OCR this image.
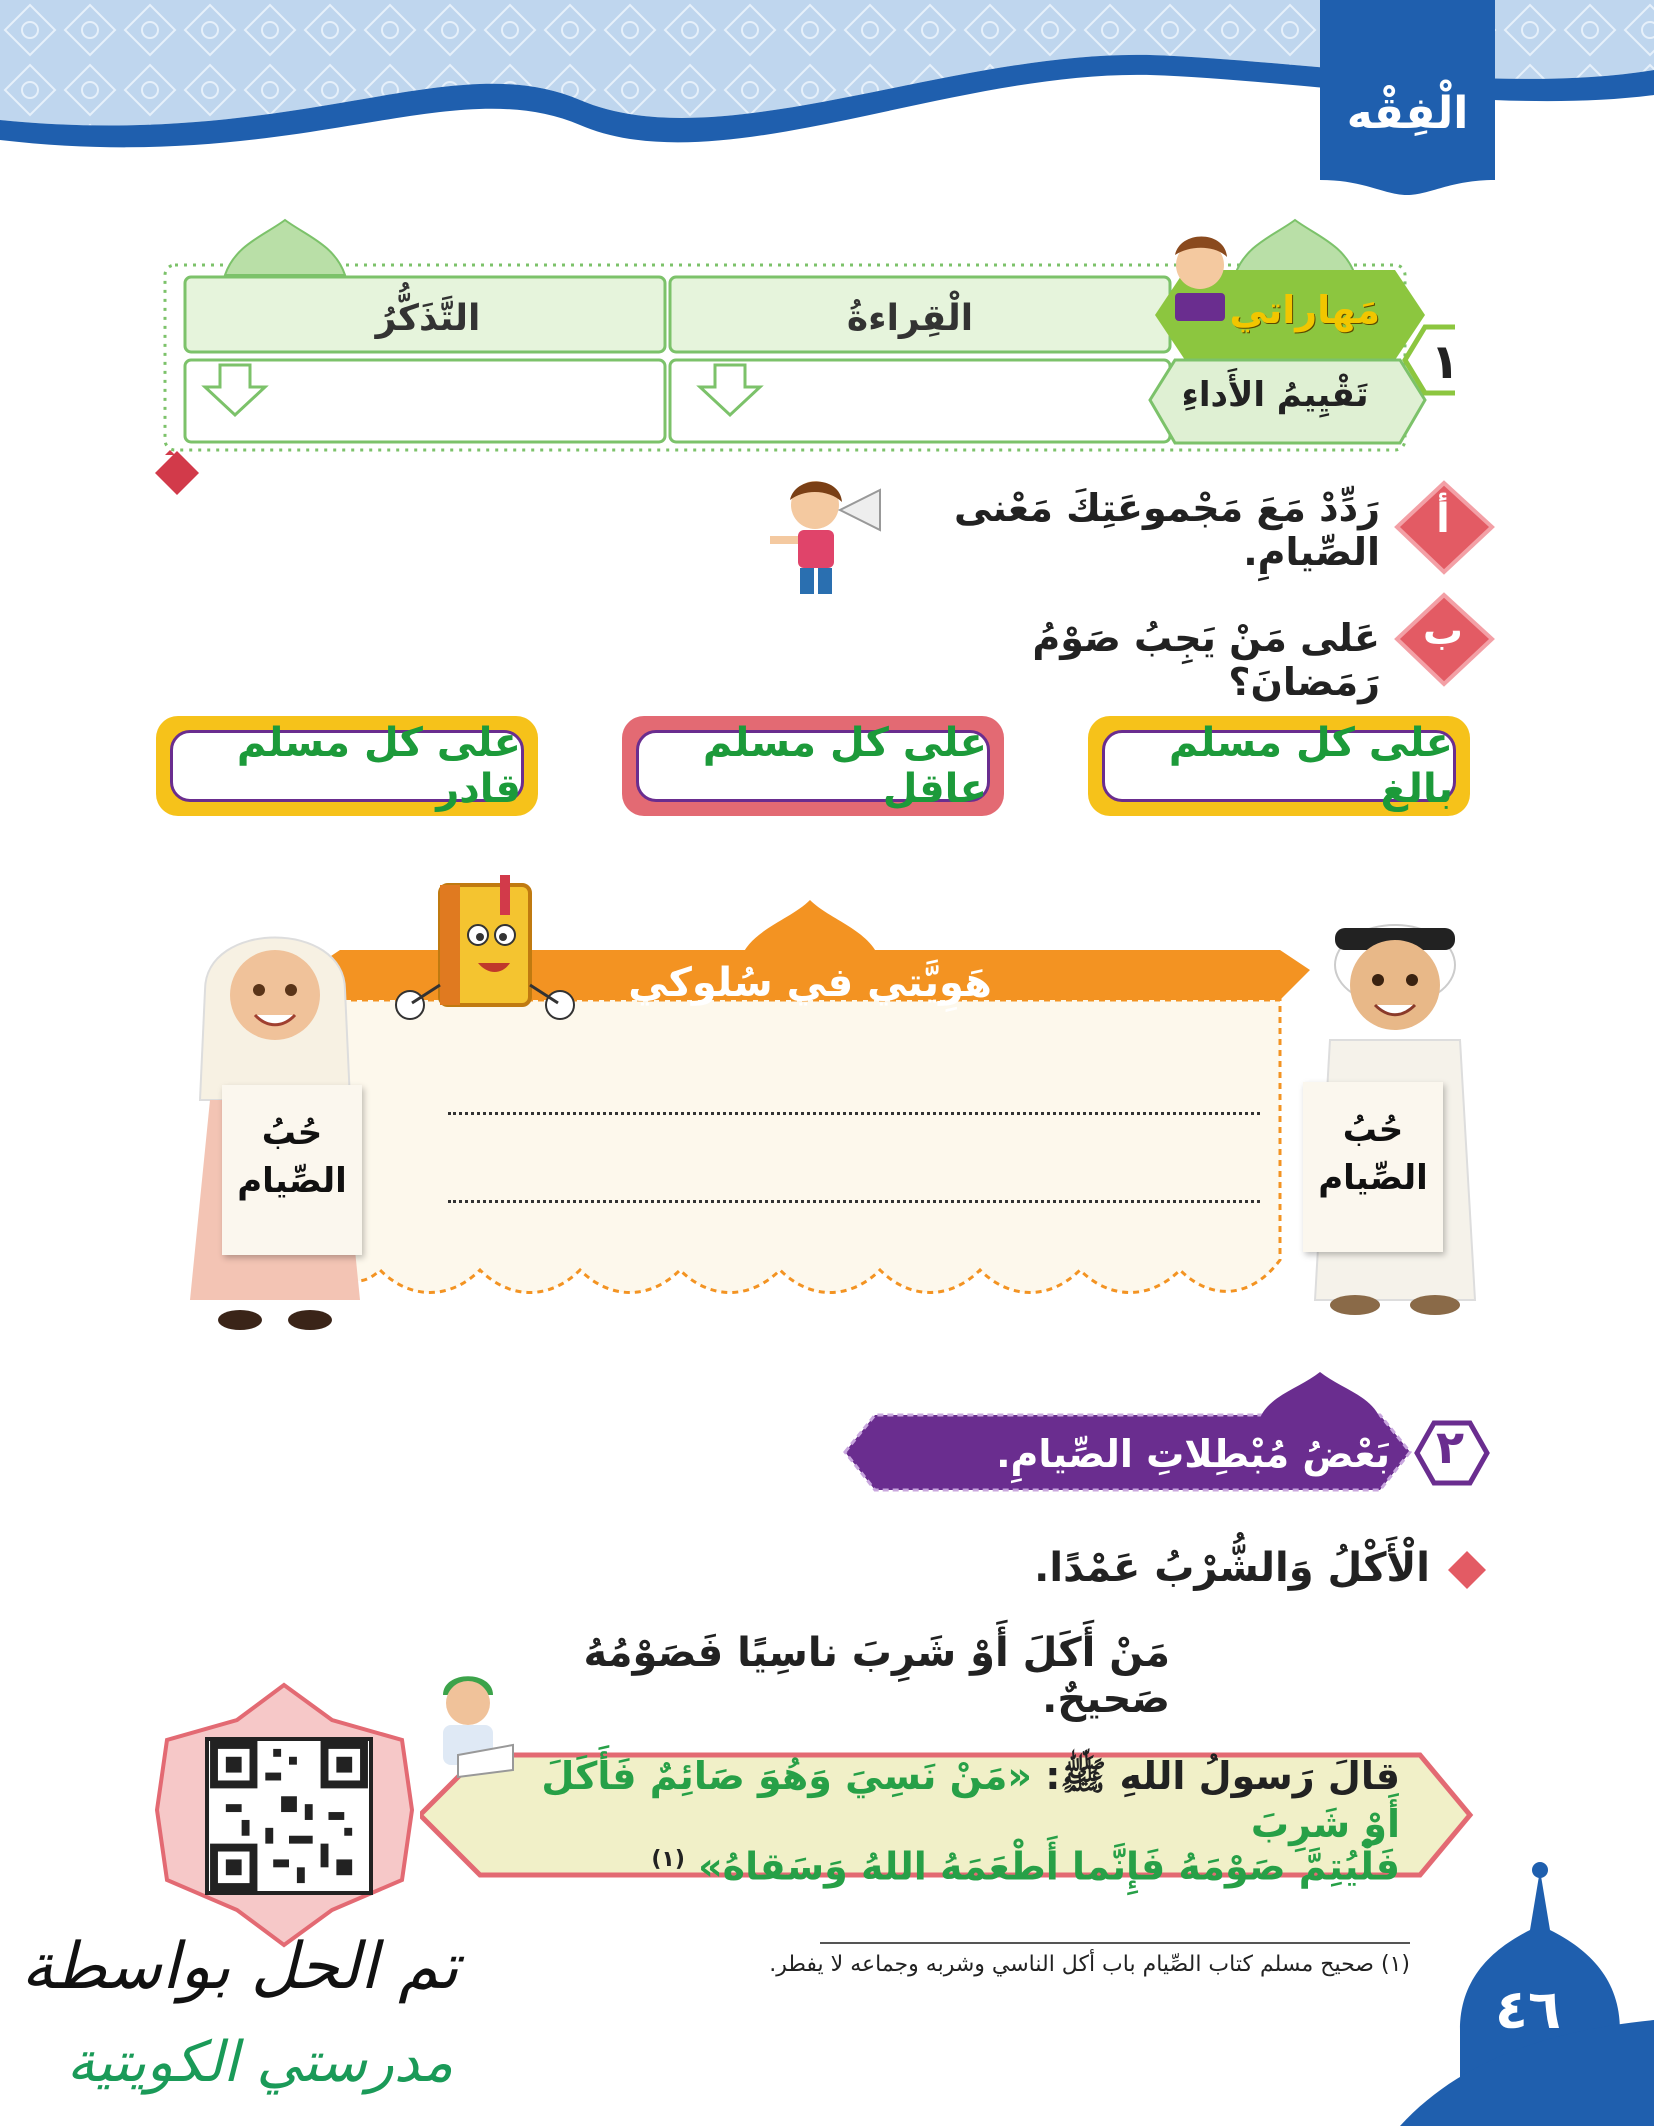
الْفِقْه
١
مَهاراتي
تَقْيِيمُ الأَداءِ
الْقِراءةُ
التَّذَكُّرُ
أ
رَدِّدْ مَعَ مَجْموعَتِكَ مَعْنى الصِّيامِ.
ب
عَلى مَنْ يَجِبُ صَوْمُ رَمَضانَ؟
على كل مسلم بالغ
على كل مسلم عاقل
على كل مسلم قادر
هَوِيَّتي في سُلوكي
حُبُ
الصِّيام
حُبُ
الصِّيام
٢
بَعْضُ مُبْطِلاتِ الصِّيامِ.
الْأَكْلُ وَالشُّرْبُ عَمْدًا.
مَنْ أَكَلَ أَوْ شَرِبَ ناسِيًا فَصَوْمُهُ صَحيحٌ.
قالَ رَسولُ اللهِ ﷺ: «مَنْ نَسِيَ وَهُوَ صَائِمٌ فَأَكَلَ أَوْ شَرِبَ
فَلْيُتِمَّ صَوْمَهُ فَإِنَّما أَطْعَمَهُ اللهُ وَسَقاهُ» $^{(١)}$
(١) صحيح مسلم كتاب الصِّيام باب أكل الناسي وشربه وجماعه لا يفطر.
٤٦
تم الحل بواسطة
مدرستي الكويتية
